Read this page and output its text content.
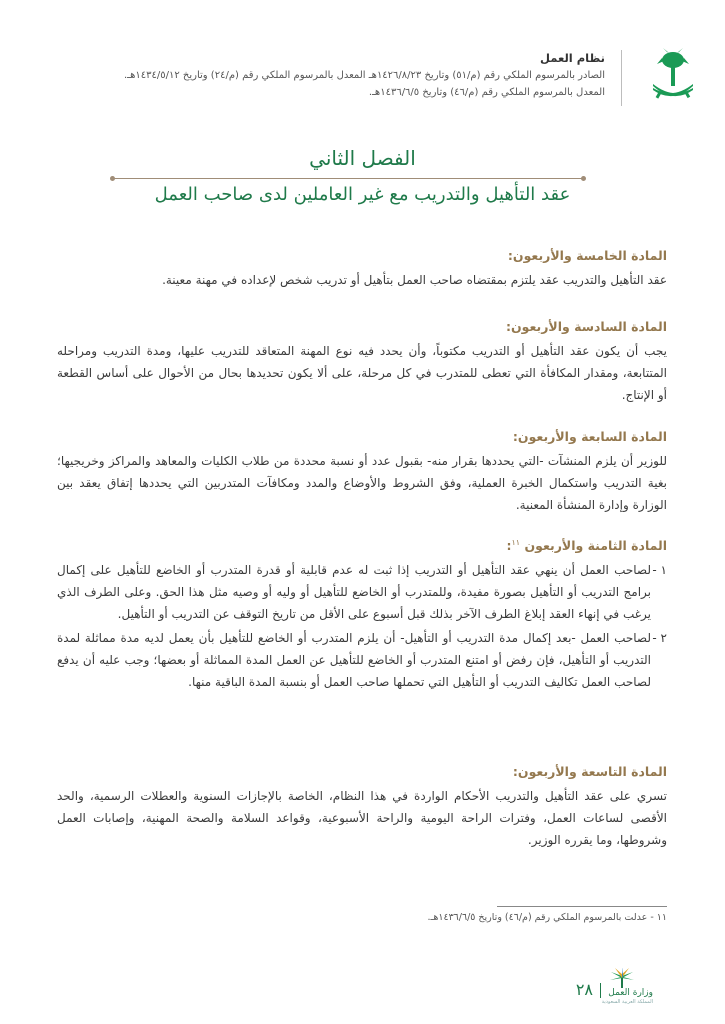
نظام العمل
الصادر بالمرسوم الملكي رقم (م/٥١) وتاريخ ١٤٢٦/٨/٢٣هـ المعدل بالمرسوم الملكي رقم (م/٢٤) وتاريخ ١٤٣٤/٥/١٢هـ.
المعدل بالمرسوم الملكي رقم (م/٤٦) وتاريخ ١٤٣٦/٦/٥هـ.
الفصل الثاني
عقد التأهيل والتدريب مع غير العاملين لدى صاحب العمل
المادة الخامسة والأربعون:
عقد التأهيل والتدريب عقد يلتزم بمقتضاه صاحب العمل بتأهيل أو تدريب شخص لإعداده في مهنة معينة.
المادة السادسة والأربعون:
يجب أن يكون عقد التأهيل أو التدريب مكتوباً، وأن يحدد فيه نوع المهنة المتعاقد للتدريب عليها، ومدة التدريب ومراحله المتتابعة، ومقدار المكافأة التي تعطى للمتدرب في كل مرحلة، على ألا يكون تحديدها بحال من الأحوال على أساس القطعة أو الإنتاج.
المادة السابعة والأربعون:
للوزير أن يلزم المنشآت -التي يحددها بقرار منه- بقبول عدد أو نسبة محددة من طلاب الكليات والمعاهد والمراكز وخريجيها؛ بغية التدريب واستكمال الخبرة العملية، وفق الشروط والأوضاع والمدد ومكافآت المتدربين التي يحددها إتفاق يعقد بين الوزارة وإدارة المنشأة المعنية.
المادة الثامنة والأربعون $^{١١}$:
١ -
لصاحب العمل أن ينهي عقد التأهيل أو التدريب إذا ثبت له عدم قابلية أو قدرة المتدرب أو الخاضع للتأهيل على إكمال برامج التدريب أو التأهيل بصورة مفيدة، وللمتدرب أو الخاضع للتأهيل أو وليه أو وصيه مثل هذا الحق. وعلى الطرف الذي يرغب في إنهاء العقد إبلاغ الطرف الآخر بذلك قبل أسبوع على الأقل من تاريخ التوقف عن التدريب أو التأهيل.
٢ -
لصاحب العمل -بعد إكمال مدة التدريب أو التأهيل- أن يلزم المتدرب أو الخاضع للتأهيل بأن يعمل لديه مدة مماثلة لمدة التدريب أو التأهيل، فإن رفض أو امتنع المتدرب أو الخاضع للتأهيل عن العمل المدة المماثلة أو بعضها؛ وجب عليه أن يدفع لصاحب العمل تكاليف التدريب أو التأهيل التي تحملها صاحب العمل أو بنسبة المدة الباقية منها.
المادة التاسعة والأربعون:
تسري على عقد التأهيل والتدريب الأحكام الواردة في هذا النظام، الخاصة بالإجازات السنوية والعطلات الرسمية، والحد الأقصى لساعات العمل، وفترات الراحة اليومية والراحة الأسبوعية، وقواعد السلامة والصحة المهنية، وإصابات العمل وشروطها، وما يقرره الوزير.
١١ - عدلت بالمرسوم الملكي رقم (م/٤٦) وتاريخ ١٤٣٦/٦/٥هـ.
وزارة العمل
المملكة العربية السعودية
٢٨
